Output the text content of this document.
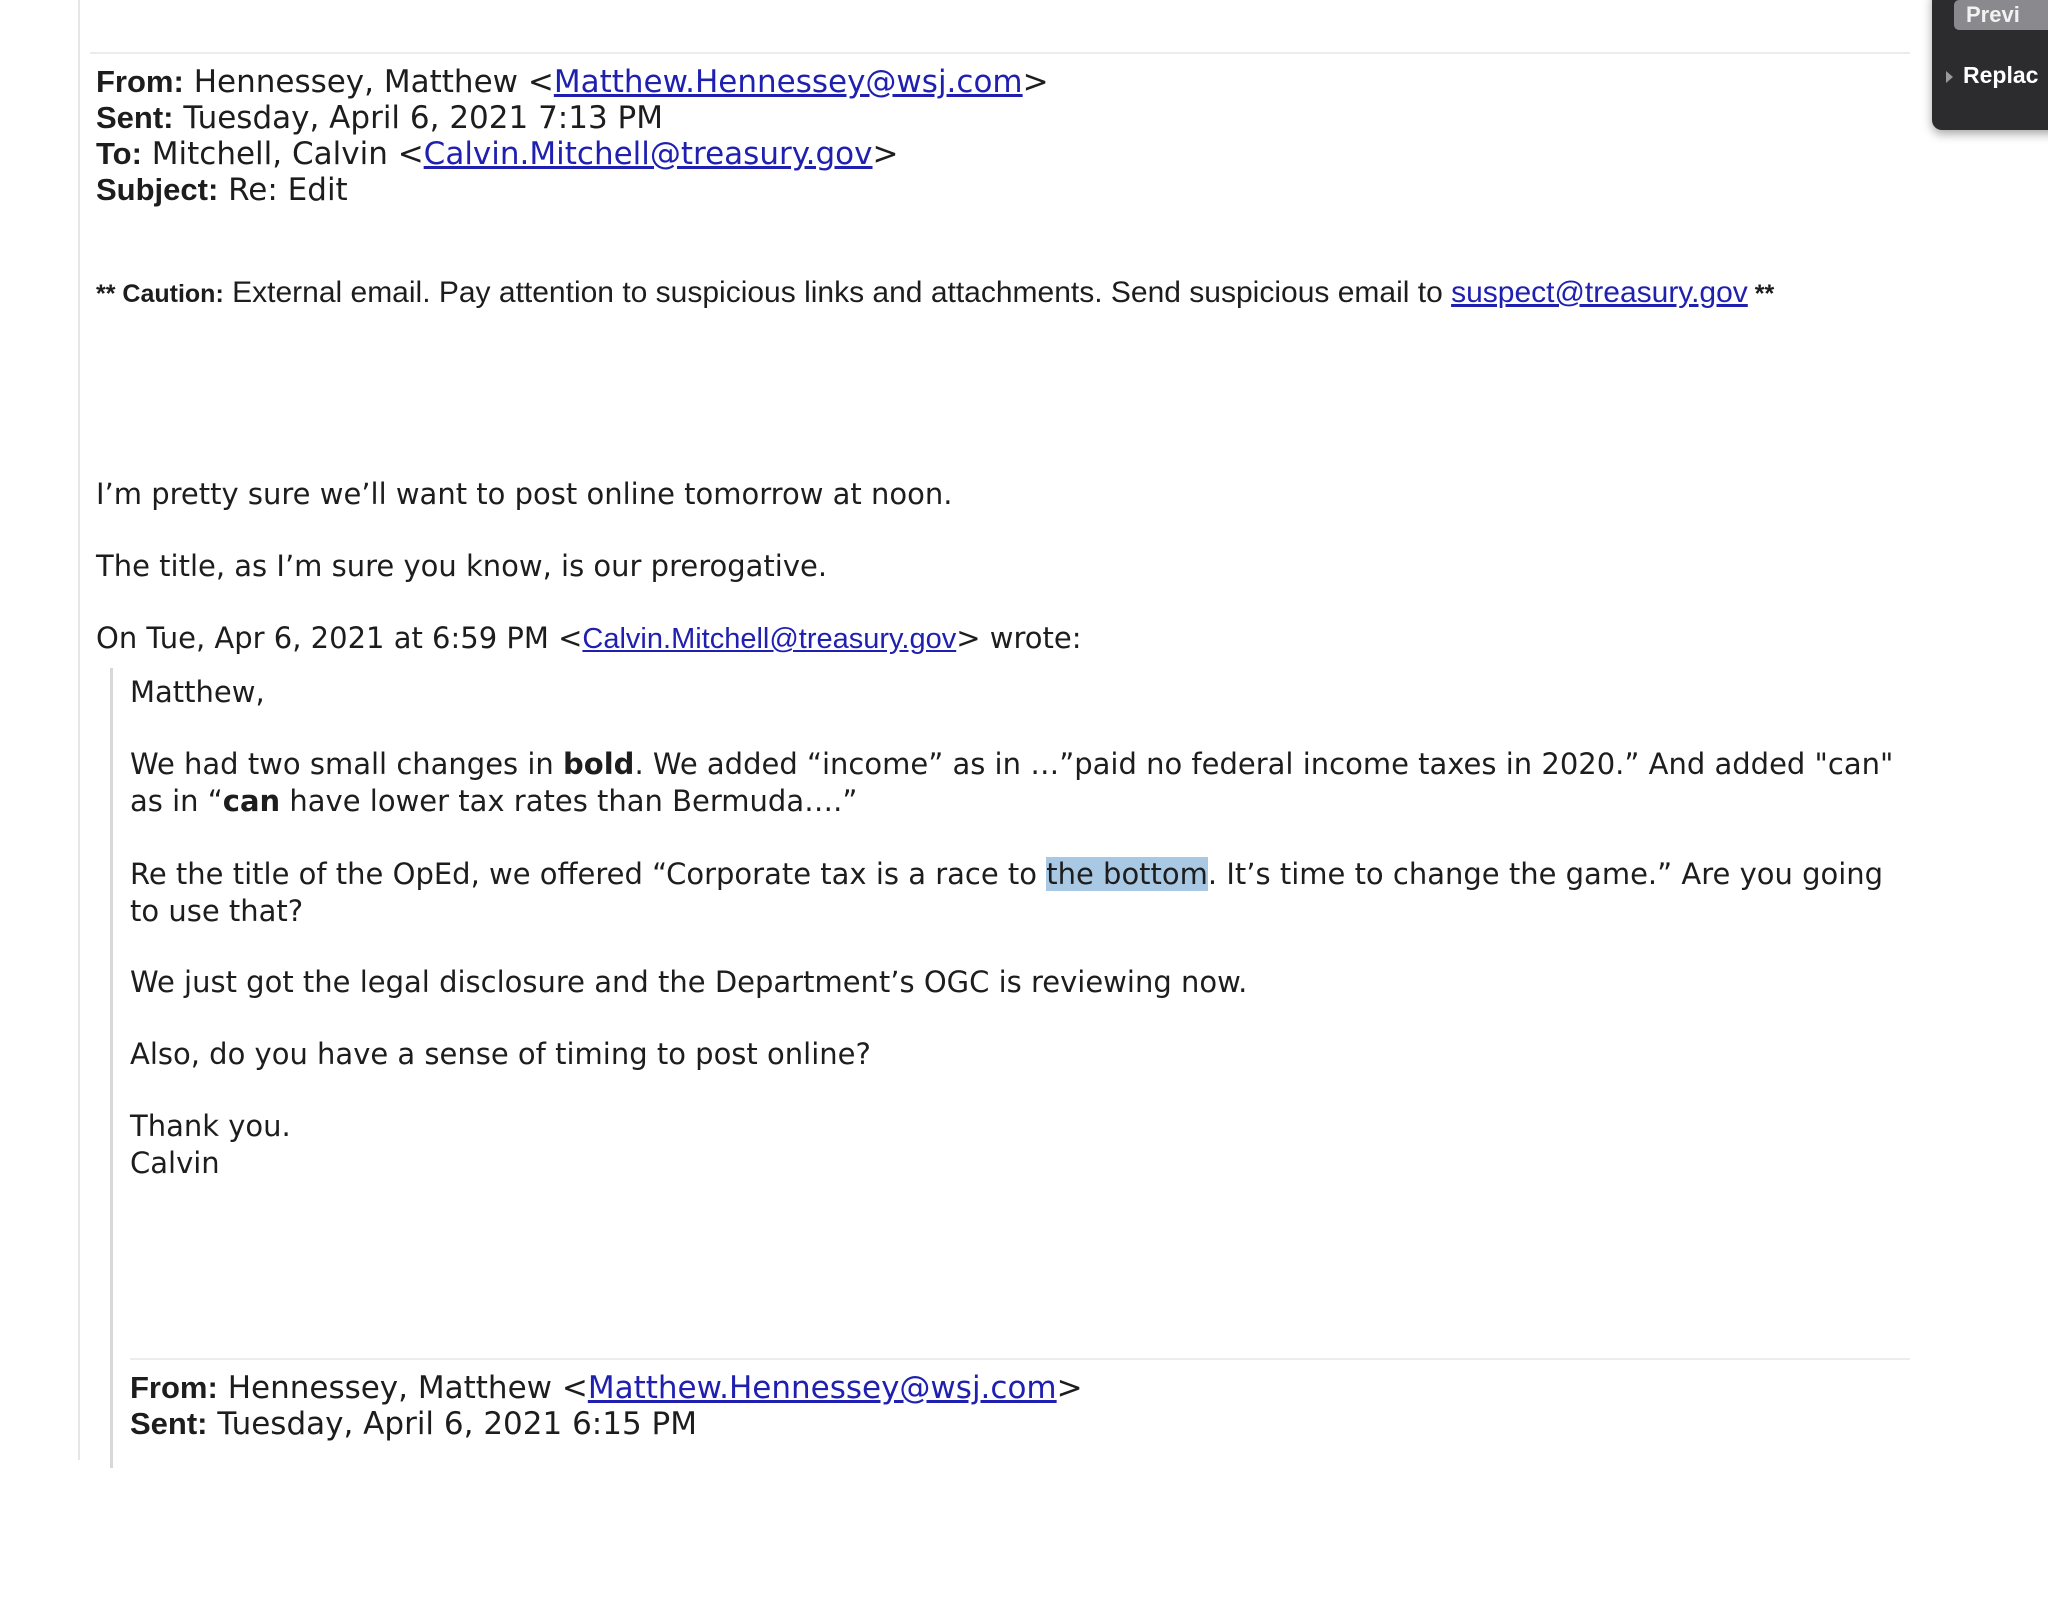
From: Hennessey, Matthew <Matthew.Hennessey@wsj.com>
Sent: Tuesday, April 6, 2021 7:13 PM
To: Mitchell, Calvin <Calvin.Mitchell@treasury.gov>
Subject: Re: Edit
** Caution: External email. Pay attention to suspicious links and attachments. Send suspicious email to suspect@treasury.gov **
I’m pretty sure we’ll want to post online tomorrow at noon.
The title, as I’m sure you know, is our prerogative.
On Tue, Apr 6, 2021 at 6:59 PM <Calvin.Mitchell@treasury.gov> wrote:
Matthew,
We had two small changes in bold. We added “income” as in …”paid no federal income taxes in 2020.” And added "can"
as in “can have lower tax rates than Bermuda….”
Re the title of the OpEd, we offered “Corporate tax is a race to the bottom. It’s time to change the game.” Are you going
to use that?
We just got the legal disclosure and the Department’s OGC is reviewing now.
Also, do you have a sense of timing to post online?
Thank you.
Calvin
From: Hennessey, Matthew <Matthew.Hennessey@wsj.com>
Sent: Tuesday, April 6, 2021 6:15 PM
Previ
Replac
